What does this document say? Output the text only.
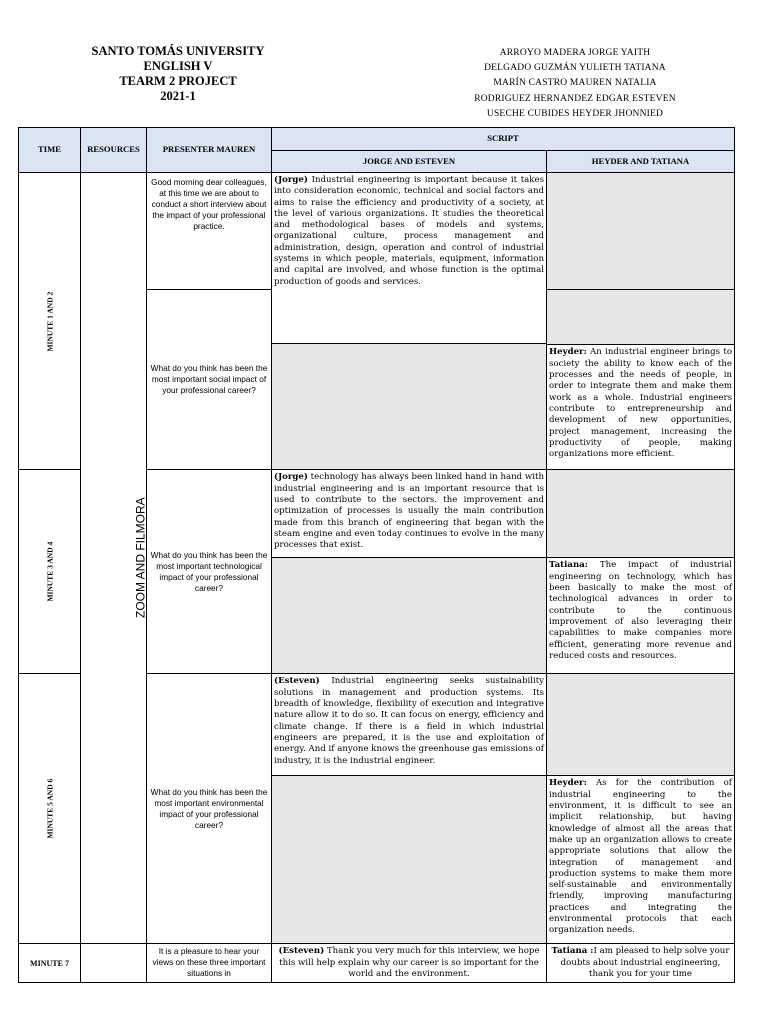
SANTO TOMÁS UNIVERSITY
ENGLISH V
TEARM 2 PROJECT
2021-1
ARROYO MADERA JORGE YAITH
DELGADO GUZMÁN YULIETH TATIANA
MARÍN CASTRO MAUREN NATALIA
RODRIGUEZ HERNANDEZ EDGAR ESTEVEN
USECHE CUBIDES HEYDER JHONNIED
TIME	RESOURCES	PRESENTER MAUREN	SCRIPT	
			JORGE AND ESTEVEN	HEYDER AND TATIANA
MINUTE 1 AND 2	ZOOM AND FILMORA	Good morning dear colleagues, at this time we are about to conduct a short interview about the impact of your professional practice.	(Jorge) Industrial engineering is important because it takes into consideration economic, technical and social factors and aims to raise the efficiency and productivity of a society, at the level of various organizations. It studies the theoretical and methodological bases of models and systems, organizational culture, process management and administration, design, operation and control of industrial systems in which people, materials, equipment, information and capital are involved, and whose function is the optimal production of goods and services.	
		What do you think has been the most important social impact of your professional career?		Heyder: An industrial engineer brings to society the ability to know each of the processes and the needs of people, in order to integrate them and make them work as a whole. Industrial engineers contribute to entrepreneurship and development of new opportunities, project management, increasing the productivity of people, making organizations more efficient.

MINUTE 3 AND 4		What do you think has been the most important technological impact of your professional career?	(Jorge) technology has always been linked hand in hand with industrial engineering and is an important resource that is used to contribute to the sectors. the improvement and optimization of processes is usually the main contribution made from this branch of engineering that began with the steam engine and even today continues to evolve in the many processes that exist.	
				Tatiana: The impact of industrial engineering on technology, which has been basically to make the most of technological advances in order to contribute to the continuous improvement of also leveraging their capabilities to make companies more efficient, generating more revenue and reduced costs and resources.
MINUTE 5 AND 6		What do you think has been the most important environmental impact of your professional career?	(Esteven) Industrial engineering seeks sustainability solutions in management and production systems. Its breadth of knowledge, flexibility of execution and integrative nature allow it to do so. It can focus on energy, efficiency and climate change. If there is a field in which industrial engineers are prepared, it is the use and exploitation of energy. And if anyone knows the greenhouse gas emissions of industry, it is the industrial engineer.	
				Heyder: As for the contribution of industrial engineering to the environment, it is difficult to see an implicit relationship, but having knowledge of almost all the areas that make up an organization allows to create appropriate solutions that allow the integration of management and production systems to make them more self-sustainable and environmentally friendly, improving manufacturing practices and integrating the environmental protocols that each organization needs.
MINUTE 7		It is a pleasure to hear your views on these three important situations in	(Esteven) Thank you very much for this interview, we hope this will help explain why our career is so important for the world and the environment.	Tatiana :I am pleased to help solve your doubts about industrial engineering, thank you for your time
